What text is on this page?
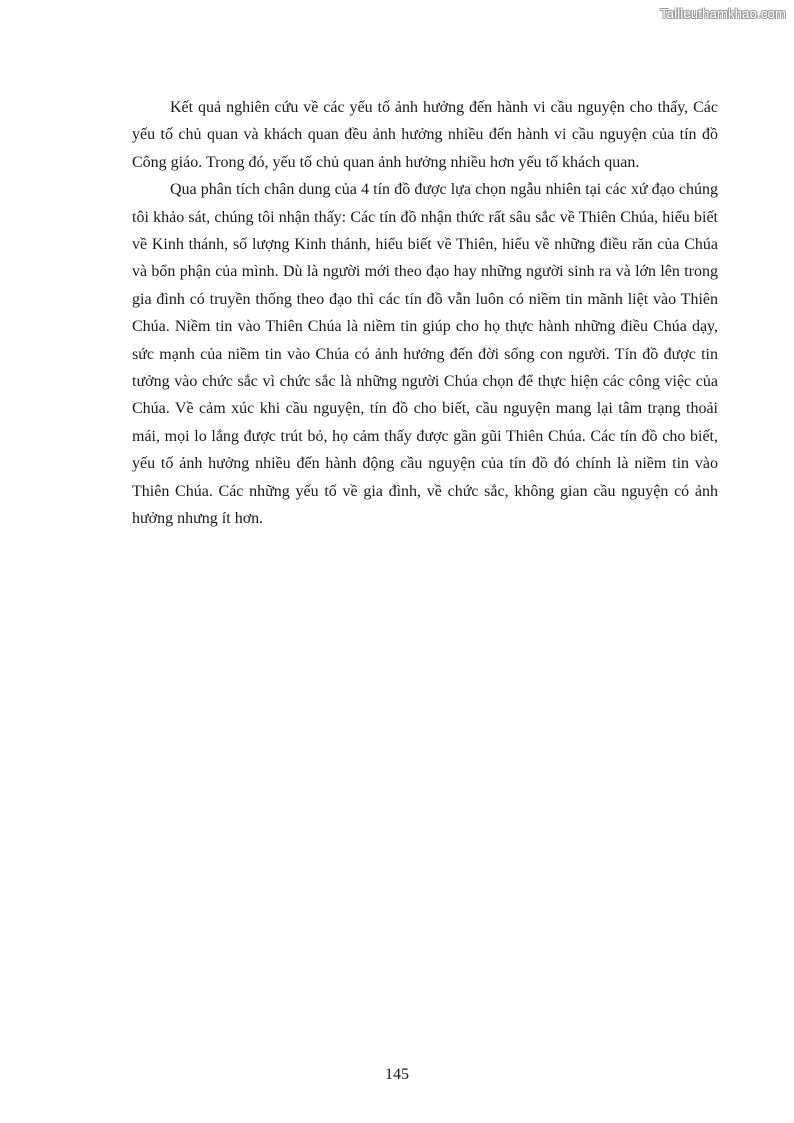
Tailieuthamkhao.com

Kết quả nghiên cứu về các yếu tố ảnh hưởng đến hành vi cầu nguyện cho thấy, Các yếu tố chủ quan và khách quan đều ảnh hưởng nhiều đến hành vi cầu nguyện của tín đồ Công giáo. Trong đó, yếu tố chủ quan ảnh hưởng nhiều hơn yếu tố khách quan.

Qua phân tích chân dung của 4 tín đồ được lựa chọn ngẫu nhiên tại các xứ đạo chúng tôi khảo sát, chúng tôi nhận thấy: Các tín đồ nhận thức rất sâu sắc về Thiên Chúa, hiểu biết về Kinh thánh, số lượng Kinh thánh, hiểu biết về Thiên, hiểu về những điều răn của Chúa và bổn phận của mình. Dù là người mới theo đạo hay những người sinh ra và lớn lên trong gia đình có truyền thống theo đạo thì các tín đồ vẫn luôn có niềm tin mãnh liệt vào Thiên Chúa. Niềm tin vào Thiên Chúa là niềm tin giúp cho họ thực hành những điều Chúa dạy, sức mạnh của niềm tin vào Chúa có ảnh hưởng đến đời sống con người. Tín đồ được tin tưởng vào chức sắc vì chức sắc là những người Chúa chọn để thực hiện các công việc của Chúa. Về cảm xúc khi cầu nguyện, tín đồ cho biết, cầu nguyện mang lại tâm trạng thoải mái, mọi lo lắng được trút bỏ, họ cảm thấy được gần gũi Thiên Chúa. Các tín đồ cho biết, yếu tố ảnh hưởng nhiều đến hành động cầu nguyện của tín đồ đó chính là niềm tin vào Thiên Chúa. Các những yếu tố về gia đình, về chức sắc, không gian cầu nguyện có ảnh hưởng nhưng ít hơn.

145
